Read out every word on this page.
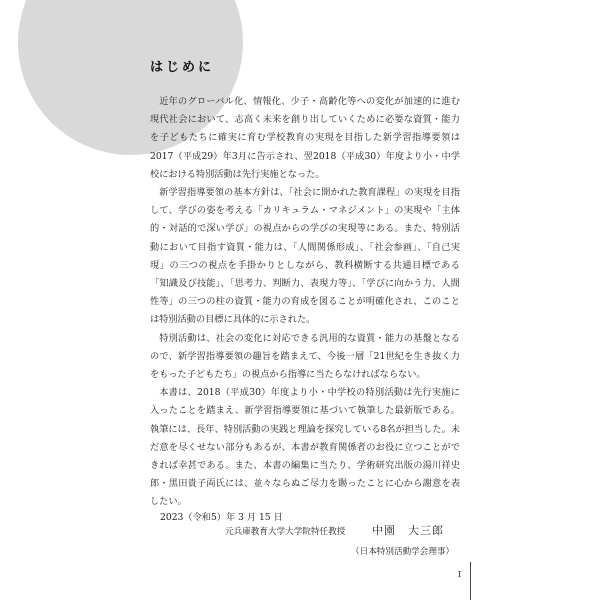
はじめに

近年のグローバル化、情報化、少子・高齢化等への変化が加速的に進む現代社会において、志高く未来を創り出していくために必要な資質・能力を子どもたちに確実に育む学校教育の実現を目指した新学習指導要領は2017（平成29）年3月に告示され、翌2018（平成30）年度より小・中学校における特別活動は先行実施となった。

新学習指導要領の基本方針は、「社会に開かれた教育課程」の実現を目指して、学びの姿を考える「カリキュラム・マネジメント」の実現や「主体的・対話的で深い学び」の視点からの学びの実現等にある。また、特別活動において目指す資質・能力は、「人間関係形成」、「社会参画」、「自己実現」の三つの視点を手掛かりとしながら、教科横断する共通目標である「知識及び技能」、「思考力、判断力、表現力等」、「学びに向かう力、人間性等」の三つの柱の資質・能力の育成を図ることが明確化され、このことは特別活動の目標に具体的に示された。

特別活動は、社会の変化に対応できる汎用的な資質・能力の基盤となるので、新学習指導要領の趣旨を踏まえて、今後一層「21世紀を生き抜く力をもった子どもたち」の視点から指導に当たらなければならない。

本書は、2018（平成30）年度より小・中学校の特別活動は先行実施に入ったことを踏まえ、新学習指導要領に基づいて執筆した最新版である。執筆には、長年、特別活動の実践と理論を探究している8名が担当した。未だ意を尽くせない部分もあるが、本書が教育関係者のお役に立つことができれば幸甚である。また、本書の編集に当たり、学術研究出版の湯川祥史郎・黒田貴子両氏には、並々ならぬご尽力を賜ったことに心から謝意を表したい。

2023（令和5）年 3 月 15 日
元兵庫教育大学大学院特任教授 中園　大三郎
（日本特別活動学会理事）
I
